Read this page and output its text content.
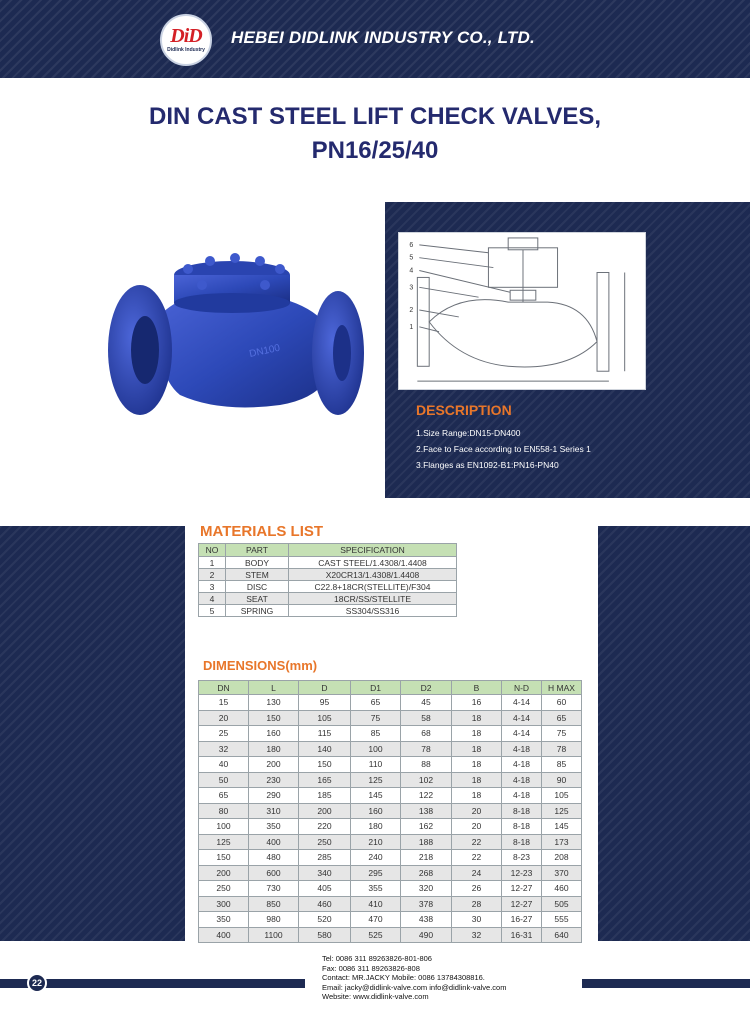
DiD
Didlink Industry
HEBEI DIDLINK INDUSTRY CO., LTD.
DIN CAST STEEL LIFT CHECK VALVES,
PN16/25/40
DN100
6
5
4
3
2
1
DESCRIPTION
1.Size Range:DN15-DN400
2.Face to Face according to EN558-1 Series 1
3.Flanges as EN1092-B1:PN16-PN40
MATERIALS LIST
NO	PART	SPECIFICATION
1	BODY	CAST STEEL/1.4308/1.4408
2	STEM	X20CR13/1.4308/1.4408
3	DISC	C22.8+18CR(STELLITE)/F304
4	SEAT	18CR/SS/STELLITE
5	SPRING	SS304/SS316
DIMENSIONS(mm)
DN	L	D	D1	D2	B	N-D	H MAX
15	130	95	65	45	16	4-14	60
20	150	105	75	58	18	4-14	65
25	160	115	85	68	18	4-14	75
32	180	140	100	78	18	4-18	78
40	200	150	110	88	18	4-18	85
50	230	165	125	102	18	4-18	90
65	290	185	145	122	18	4-18	105
80	310	200	160	138	20	8-18	125
100	350	220	180	162	20	8-18	145
125	400	250	210	188	22	8-18	173
150	480	285	240	218	22	8-23	208
200	600	340	295	268	24	12-23	370
250	730	405	355	320	26	12-27	460
300	850	460	410	378	28	12-27	505
350	980	520	470	438	30	16-27	555
400	1100	580	525	490	32	16-31	640
Tel: 0086 311 89263826-801-806
Fax: 0086 311 89263826-808
Contact: MR.JACKY Mobile: 0086 13784308816.
Email: jacky@didlink-valve.com info@didlink-valve.com
Website: www.didlink-valve.com
22
